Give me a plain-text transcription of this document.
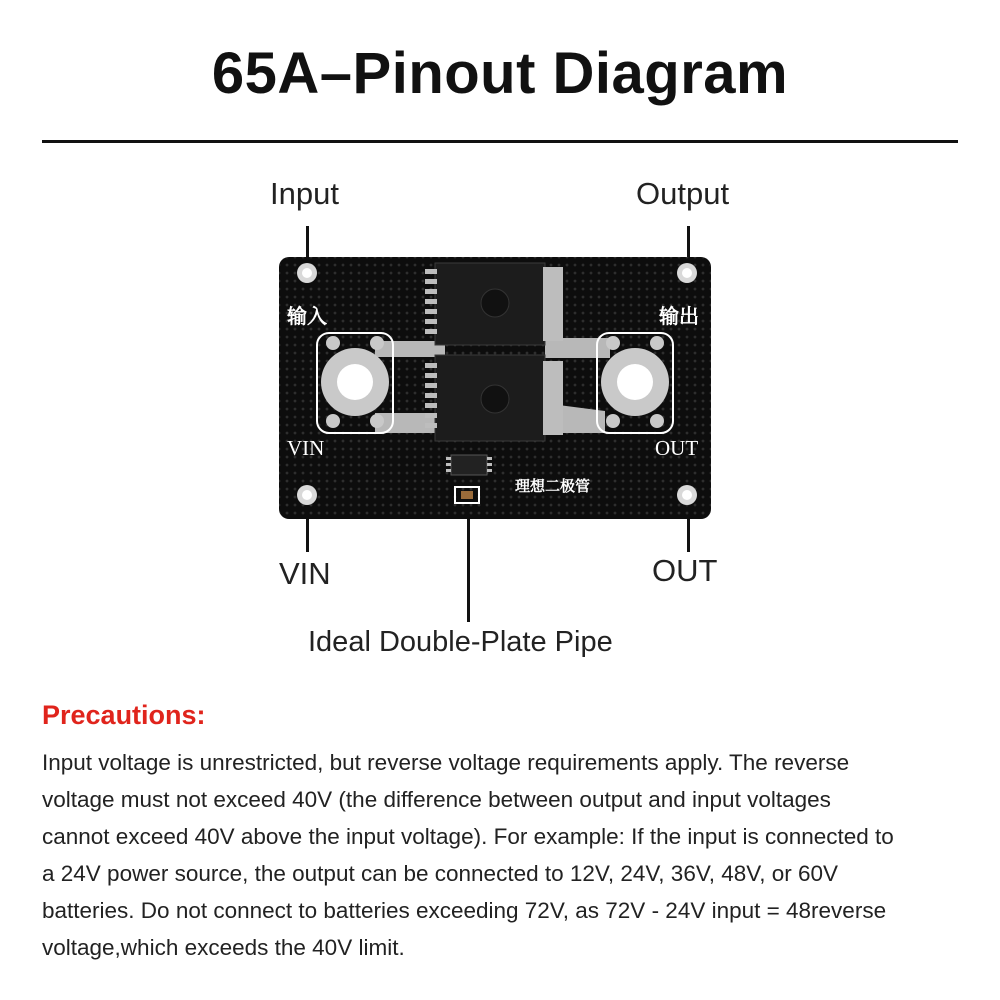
65A–Pinout Diagram
Input	Output
VIN	OUT
Ideal Double-Plate Pipe
输入	输出
VIN	OUT
理想二极管
Precautions:
Input voltage is unrestricted, but reverse voltage requirements apply. The reverse
voltage must not exceed 40V (the difference between output and input voltages
cannot exceed 40V above the input voltage). For example: If the input is connected to
a 24V power source, the output can be connected to 12V, 24V, 36V, 48V, or 60V
batteries. Do not connect to batteries exceeding 72V, as 72V - 24V input = 48reverse
voltage,which exceeds the 40V limit.
